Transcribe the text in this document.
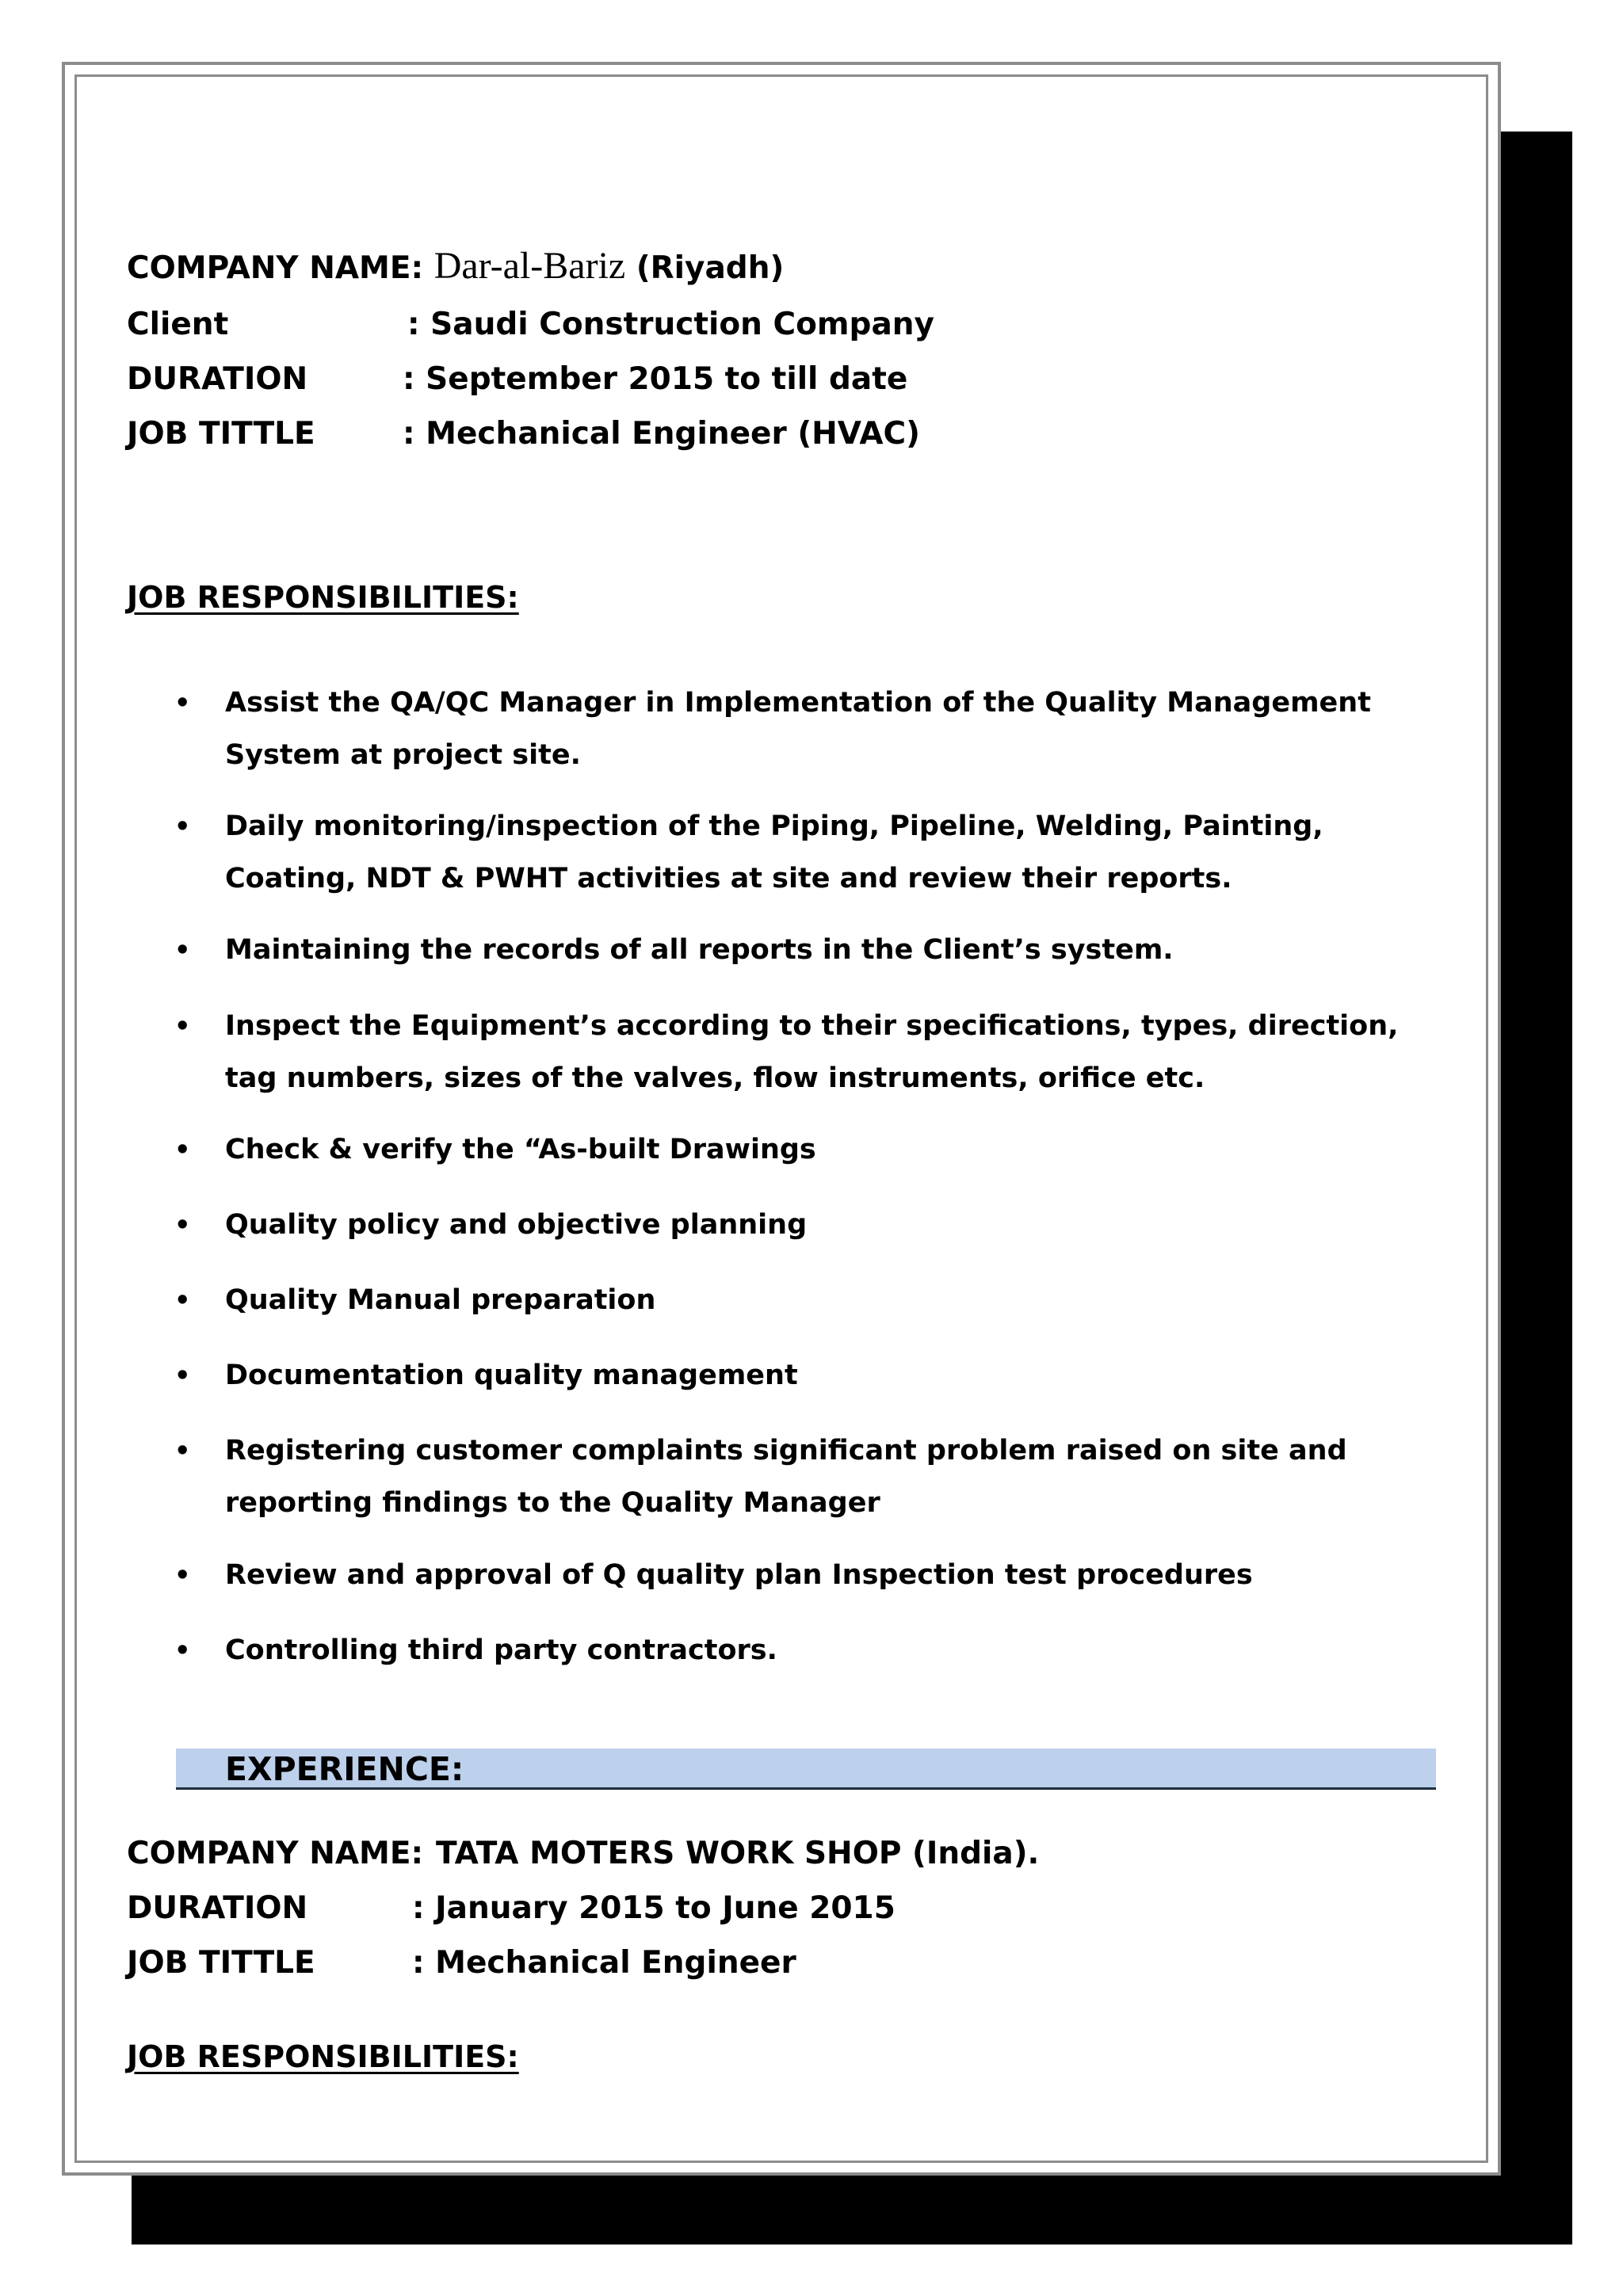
COMPANY NAME: Dar-al-Bariz (Riyadh)
Client	: Saudi Construction Company
DURATION	: September 2015 to till date
JOB TITTLE	: Mechanical Engineer (HVAC)
JOB RESPONSIBILITIES:
• Assist the QA/QC Manager in Implementation of the Quality Management System at project site.
• Daily monitoring/inspection of the Piping, Pipeline, Welding, Painting, Coating, NDT & PWHT activities at site and review their reports.
• Maintaining the records of all reports in the Client’s system.
• Inspect the Equipment’s according to their specifications, types, direction, tag numbers, sizes of the valves, flow instruments, orifice etc.
• Check & verify the “As-built Drawings
• Quality policy and objective planning
• Quality Manual preparation
• Documentation quality management
• Registering customer complaints significant problem raised on site and reporting findings to the Quality Manager
• Review and approval of Q quality plan Inspection test procedures
• Controlling third party contractors.
EXPERIENCE:
COMPANY NAME: TATA MOTERS WORK SHOP (India).
DURATION	: January 2015 to June 2015
JOB TITTLE	: Mechanical Engineer
JOB RESPONSIBILITIES:
